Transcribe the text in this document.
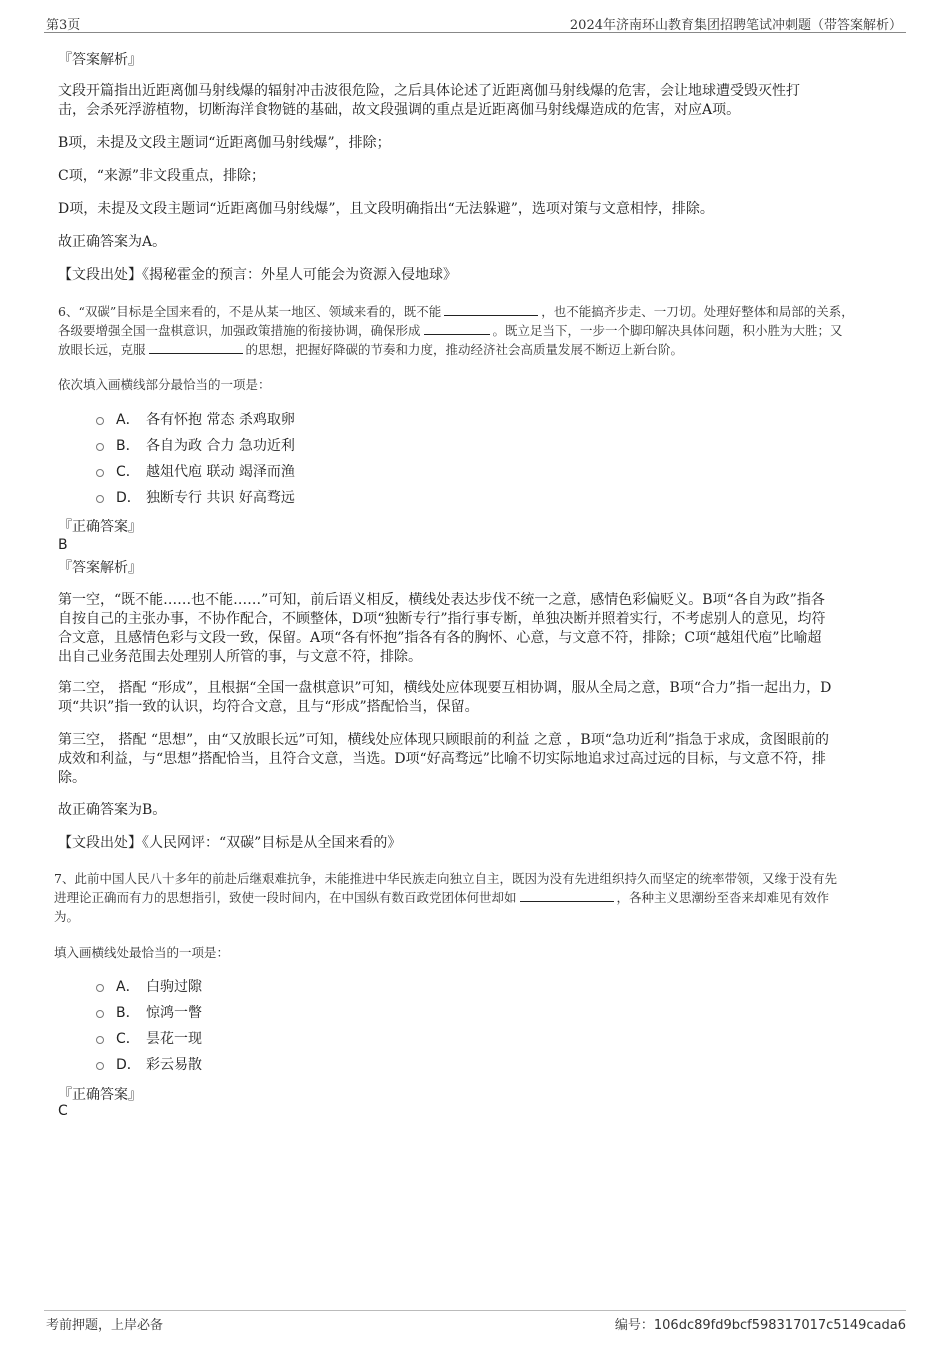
第3页	2024年济南环山教育集团招聘笔试冲刺题（带答案解析）
『答案解析』
文段开篇指出近距离伽马射线爆的辐射冲击波很危险，之后具体论述了近距离伽马射线爆的危害，会让地球遭受毁灭性打
击，会杀死浮游植物，切断海洋食物链的基础，故文段强调的重点是近距离伽马射线爆造成的危害，对应A项。
B项，未提及文段主题词“近距离伽马射线爆”，排除；
C项，“来源”非文段重点，排除；
D项，未提及文段主题词“近距离伽马射线爆”，且文段明确指出“无法躲避”，选项对策与文意相悖，排除。
故正确答案为A。
【文段出处】《揭秘霍金的预言：外星人可能会为资源入侵地球》
6、“双碳”目标是全国来看的，不是从某一地区、领域来看的，既不能	，也不能搞齐步走、一刀切。处理好整体和局部的关系，
各级要增强全国一盘棋意识，加强政策措施的衔接协调，确保形成	。既立足当下，一步一个脚印解决具体问题，积小胜为大胜；又
放眼长远，克服	的思想，把握好降碳的节奏和力度，推动经济社会高质量发展不断迈上新台阶。
依次填入画横线部分最恰当的一项是：
A． 各有怀抱 常态 杀鸡取卵
B． 各自为政 合力 急功近利
C． 越俎代庖 联动 竭泽而渔
D． 独断专行 共识 好高骛远
『正确答案』
B
『答案解析』
第一空，“既不能……也不能……”可知，前后语义相反，横线处表达步伐不统一之意，感情色彩偏贬义。B项“各自为政”指各
自按自己的主张办事，不协作配合，不顾整体，D项“独断专行”指行事专断，单独决断并照着实行，不考虑别人的意见，均符
合文意，且感情色彩与文段一致，保留。A项“各有怀抱”指各有各的胸怀、心意，与文意不符，排除；C项“越俎代庖”比喻超
出自己业务范围去处理别人所管的事，与文意不符，排除。
第二空， 搭配 “形成”，且根据“全国一盘棋意识”可知，横线处应体现要互相协调，服从全局之意，B项“合力”指一起出力，D
项“共识”指一致的认识，均符合文意，且与“形成”搭配恰当，保留。
第三空， 搭配 “思想”，由“又放眼长远”可知，横线处应体现只顾眼前的利益 之意 ，B项“急功近利”指急于求成，贪图眼前的
成效和利益，与“思想”搭配恰当，且符合文意，当选。D项“好高骛远”比喻不切实际地追求过高过远的目标，与文意不符，排
除。
故正确答案为B。
【文段出处】《人民网评：“双碳”目标是从全国来看的》
7、此前中国人民八十多年的前赴后继艰难抗争，未能推进中华民族走向独立自主，既因为没有先进组织持久而坚定的统率带领，又缘于没有先
进理论正确而有力的思想指引，致使一段时间内，在中国纵有数百政党团体何世却如	，各种主义思潮纷至沓来却难见有效作
为。
填入画横线处最恰当的一项是：
A． 白驹过隙
B． 惊鸿一瞥
C． 昙花一现
D． 彩云易散
『正确答案』
C
考前押题，上岸必备	编号：106dc89fd9bcf598317017c5149cada6
